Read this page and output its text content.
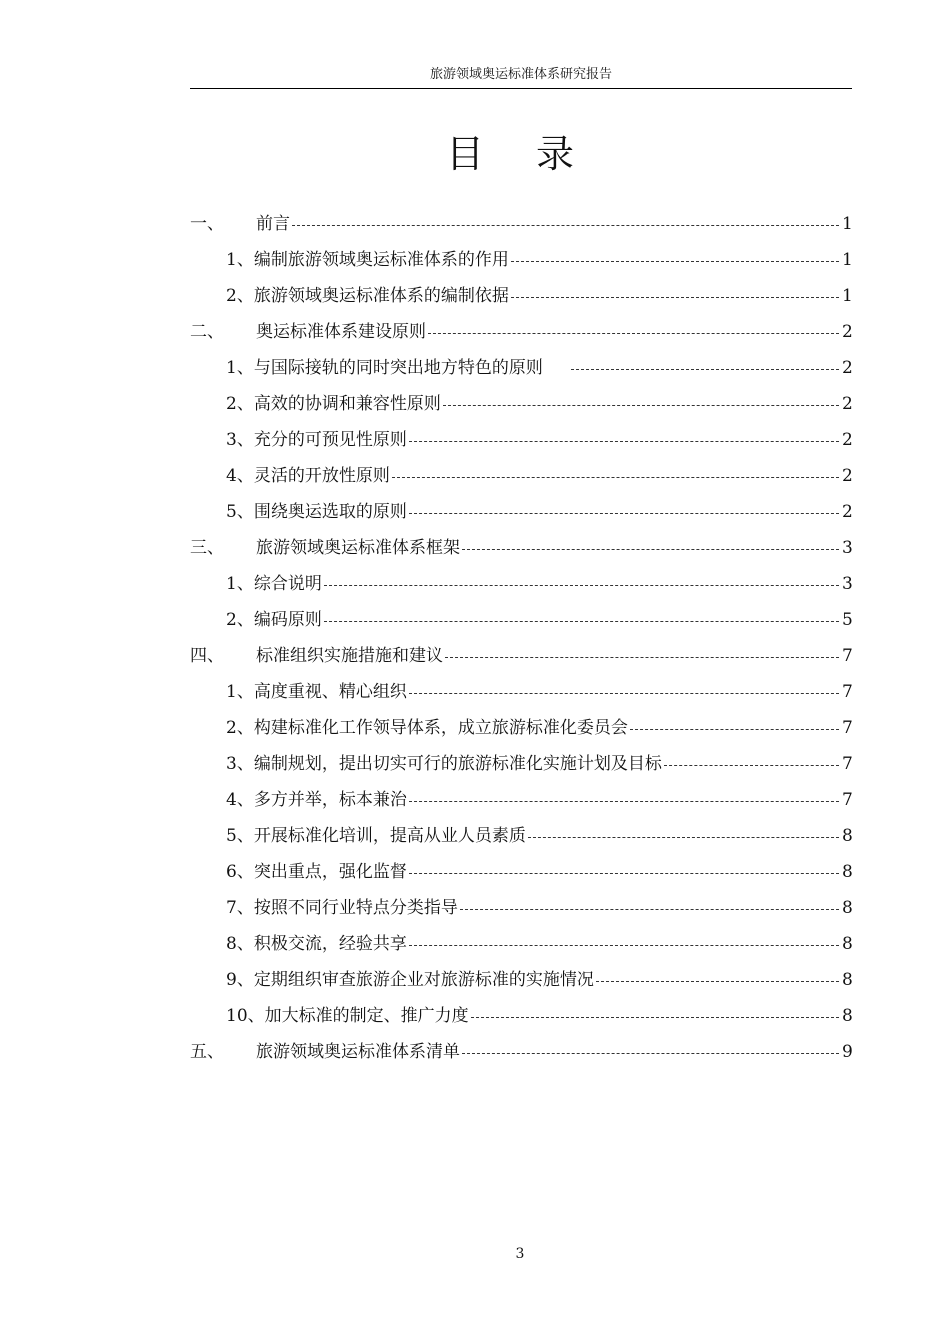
旅游领域奥运标准体系研究报告
目 录
一、	前言	1
1、 编制旅游领域奥运标准体系的作用	1
2、 旅游领域奥运标准体系的编制依据	1
二、	奥运标准体系建设原则	2
1、 与国际接轨的同时突出地方特色的原则	2
2、 高效的协调和兼容性原则	2
3、 充分的可预见性原则	2
4、 灵活的开放性原则	2
5、 围绕奥运选取的原则	2
三、	旅游领域奥运标准体系框架	3
1、 综合说明	3
2、 编码原则	5
四、	标准组织实施措施和建议	7
1、 高度重视、精心组织	7
2、 构建标准化工作领导体系，成立旅游标准化委员会	7
3、 编制规划，提出切实可行的旅游标准化实施计划及目标	7
4、 多方并举，标本兼治	7
5、 开展标准化培训，提高从业人员素质	8
6、 突出重点，强化监督	8
7、 按照不同行业特点分类指导	8
8、 积极交流，经验共享	8
9、 定期组织审查旅游企业对旅游标准的实施情况	8
10、 加大标准的制定、推广力度	8
五、	旅游领域奥运标准体系清单	9
3
